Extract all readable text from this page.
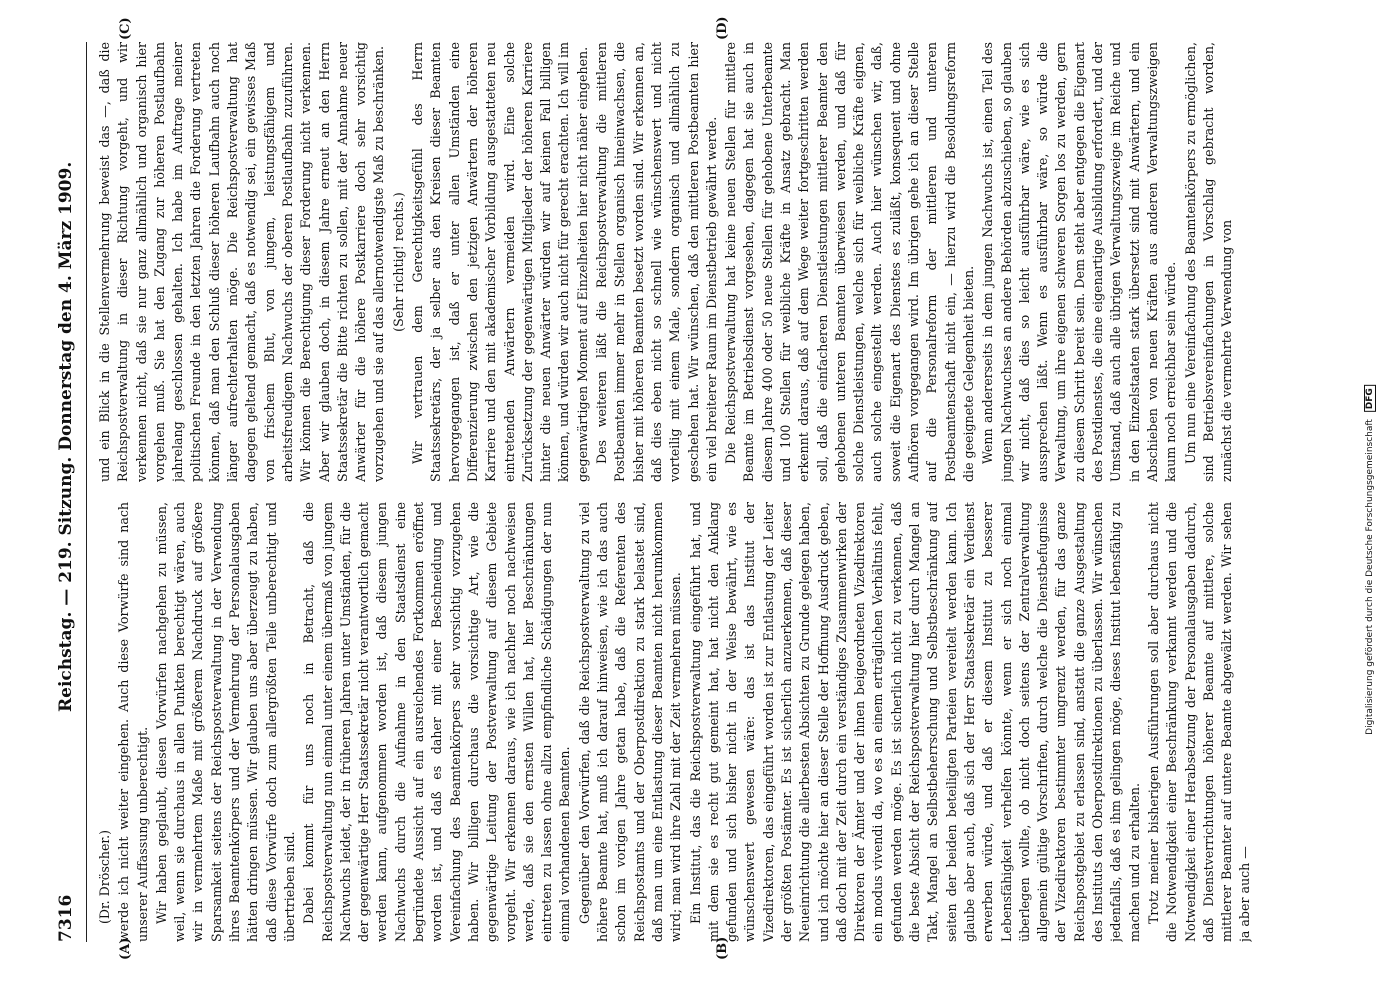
7316
Reichstag. — 219. Sitzung. Donnerstag den 4. März 1909.
(A)	(B)
(C)	(D)

(Dr. Dröscher.) werde ich nicht weiter eingehen. Auch diese Vorwürfe sind nach unserer Auffassung unberechtigt. Wir haben geglaubt, diesen Vorwürfen nachgehen zu müssen, weil, wenn sie durchaus in allen Punkten berechtigt wären, auch wir in vermehrtem Maße mit größerem Nachdruck auf größere Sparsamkeit seitens der Reichspostverwaltung in der Verwendung ihres Beamtenkörpers und der Vermehrung der Personalausgaben hätten dringen müssen. Wir glauben uns aber überzeugt zu haben, daß diese Vorwürfe doch zum allergrößten Teile unberechtigt und übertrieben sind. Dabei kommt für uns noch in Betracht, daß die Reichspostverwaltung nun einmal unter einem übermaß von jungem Nachwuchs leidet, der in früheren Jahren unter Umständen, für die der gegenwärtige Herr Staatssekretär nicht verantwortlich gemacht werden kann, aufgenommen worden ist, daß diesem jungen Nachwuchs durch die Aufnahme in den Staatsdienst eine begründete Aussicht auf ein ausreichendes Fortkommen eröffnet worden ist, und daß es daher mit einer Beschneidung und Vereinfachung des Beamtenkörpers sehr vorsichtig vorzugehen haben. Wir billigen durchaus die vorsichtige Art, wie die gegenwärtige Leitung der Postverwaltung auf diesem Gebiete vorgeht. Wir erkennen daraus, wie ich nachher noch nachweisen werde, daß sie den ernsten Willen hat, hier Beschränkungen eintreten zu lassen ohne allzu empfindliche Schädigungen der nun einmal vorhandenen Beamten. Gegenüber den Vorwürfen, daß die Reichspostverwaltung zu viel höhere Beamte hat, muß ich darauf hinweisen, wie ich das auch schon im vorigen Jahre getan habe, daß die Referenten des Reichspostamts und der Oberpostdirektion zu stark belastet sind, daß man um eine Entlastung dieser Beamten nicht herumkommen wird; man wird ihre Zahl mit der Zeit vermehren müssen. Ein Institut, das die Reichspostverwaltung eingeführt hat, und mit dem sie es recht gut gemeint hat, hat nicht den Anklang gefunden und sich bisher nicht in der Weise bewährt, wie es wünschenswert gewesen wäre: das ist das Institut der Vizedirektoren, das eingeführt worden ist zur Entlastung der Leiter der größten Postämter. Es ist sicherlich anzuerkennen, daß dieser Neueinrichtung die allerbesten Absichten zu Grunde gelegen haben, und ich möchte hier an dieser Stelle der Hoffnung Ausdruck geben, daß doch mit der Zeit durch ein verständiges Zusammenwirken der Direktoren der Ämter und der ihnen beigeordneten Vizedirektoren ein modus vivendi da, wo es an einem erträglichen Verhältnis fehlt, gefunden werden möge. Es ist sicherlich nicht zu verkennen, daß die beste Absicht der Reichspostverwaltung hier durch Mangel an Takt, Mangel an Selbstbeherrschung und Selbstbeschränkung auf seiten der beiden beteiligten Parteien vereitelt werden kann. Ich glaube aber auch, daß sich der Herr Staatssekretär ein Verdienst erwerben würde, und daß er diesem Institut zu besserer Lebensfähigkeit verhelfen könnte, wenn er sich noch einmal überlegen wollte, ob nicht doch seitens der Zentralverwaltung allgemein gültige Vorschriften, durch welche die Dienstbefugnisse der Vizedirektoren bestimmter umgrenzt werden, für das ganze Reichspostgebiet zu erlassen sind, anstatt die ganze Ausgestaltung des Instituts den Oberpostdirektionen zu überlassen. Wir wünschen jedenfalls, daß es ihm gelingen möge, dieses Institut lebensfähig zu machen und zu erhalten. Trotz meiner bisherigen Ausführungen soll aber durchaus nicht die Notwendigkeit einer Beschränkung verkannt werden und die Notwendigkeit einer Herabsetzung der Personalausgaben dadurch, daß Dienstverrichtungen höherer Beamte auf mittlere, solche mittlerer Beamter auf untere Beamte abgewälzt werden. Wir sehen ja aber auch —

und ein Blick in die Stellenvermehrung beweist das —, daß die Reichspostverwaltung in dieser Richtung vorgeht, und wir verkennen nicht, daß sie nur ganz allmählich und organisch hier vorgehen muß. Sie hat den Zugang zur höheren Postlaufbahn jahrelang geschlossen gehalten. Ich habe im Auftrage meiner politischen Freunde in den letzten Jahren die Forderung vertreten können, daß man den Schluß dieser höheren Laufbahn auch noch länger aufrechterhalten möge. Die Reichspostverwaltung hat dagegen geltend gemacht, daß es notwendig sei, ein gewisses Maß von frischem Blut, von jungem, leistungsfähigem und arbeitsfreudigem Nachwuchs der oberen Postlaufbahn zuzuführen. Wir können die Berechtigung dieser Forderung nicht verkennen. Aber wir glauben doch, in diesem Jahre erneut an den Herrn Staatssekretär die Bitte richten zu sollen, mit der Annahme neuer Anwärter für die höhere Postkarriere doch sehr vorsichtig vorzugehen und sie auf das allernotwendigste Maß zu beschränken. (Sehr richtig! rechts.) Wir vertrauen dem Gerechtigkeitsgefühl des Herrn Staatssekretärs, der ja selber aus den Kreisen dieser Beamten hervorgegangen ist, daß er unter allen Umständen eine Differenzierung zwischen den jetzigen Anwärtern der höheren Karriere und den mit akademischer Vorbildung ausgestatteten neu eintretenden Anwärtern vermeiden wird. Eine solche Zurücksetzung der gegenwärtigen Mitglieder der höheren Karriere hinter die neuen Anwärter würden wir auf keinen Fall billigen können, und würden wir auch nicht für gerecht erachten. Ich will im gegenwärtigen Moment auf Einzelheiten hier nicht näher eingehen. Des weiteren läßt die Reichspostverwaltung die mittleren Postbeamten immer mehr in Stellen organisch hineinwachsen, die bisher mit höheren Beamten besetzt worden sind. Wir erkennen an, daß dies eben nicht so schnell wie wünschenswert und nicht vorteilig mit einem Male, sondern organisch und allmählich zu geschehen hat. Wir wünschen, daß den mittleren Postbeamten hier ein viel breiterer Raum im Dienstbetrieb gewährt werde. Die Reichspostverwaltung hat keine neuen Stellen für mittlere Beamte im Betriebsdienst vorgesehen, dagegen hat sie auch in diesem Jahre 400 oder 50 neue Stellen für gehobene Unterbeamte und 100 Stellen für weibliche Kräfte in Ansatz gebracht. Man erkennt daraus, daß auf dem Wege weiter fortgeschritten werden soll, daß die einfacheren Dienstleistungen mittlerer Beamter den gehobenen unteren Beamten überwiesen werden, und daß für solche Dienstleistungen, welche sich für weibliche Kräfte eignen, auch solche eingestellt werden. Auch hier wünschen wir, daß, soweit die Eigenart des Dienstes es zuläßt, konsequent und ohne Aufhören vorgegangen wird. Im übrigen gehe ich an dieser Stelle auf die Personalreform der mittleren und unteren Postbeamtenschaft nicht ein, — hierzu wird die Besoldungsreform die geeignete Gelegenheit bieten. Wenn andererseits in dem jungen Nachwuchs ist, einen Teil des jungen Nachwuchses an andere Behörden abzuschieben, so glauben wir nicht, daß dies so leicht ausführbar wäre, wie es sich aussprechen läßt. Wenn es ausführbar wäre, so würde die Verwaltung, um ihre eigenen schweren Sorgen los zu werden, gern zu diesem Schritt bereit sein. Dem steht aber entgegen die Eigenart des Postdienstes, die eine eigenartige Ausbildung erfordert, und der Umstand, daß auch alle übrigen Verwaltungszweige im Reiche und in den Einzelstaaten stark übersetzt sind mit Anwärtern, und ein Abschieben von neuen Kräften aus anderen Verwaltungszweigen kaum noch erreichbar sein würde. Um nun eine Vereinfachung des Beamtenkörpers zu ermöglichen, sind Betriebsvereinfachungen in Vorschlag gebracht worden, zunächst die vermehrte Verwendung von

Digitalisierung gefördert durch die Deutsche Forschungsgemeinschaft DFG
